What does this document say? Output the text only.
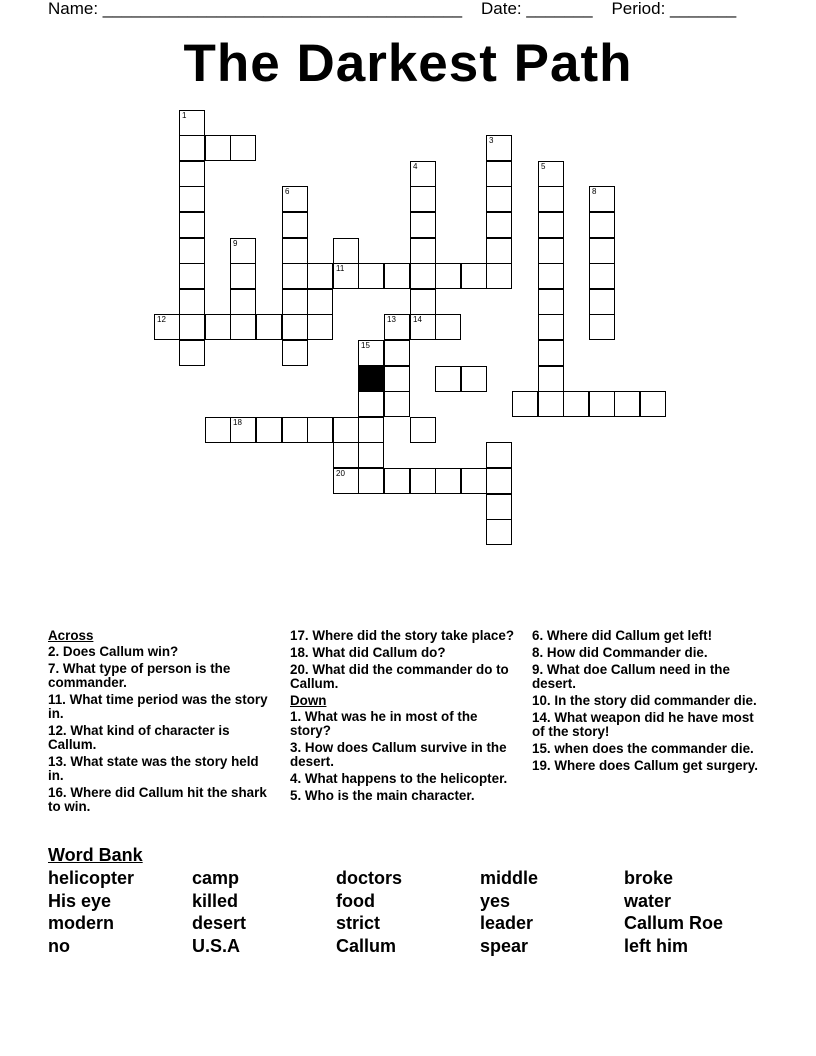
Name: ______________________________________ Date: _______ Period: _______
The Darkest Path
1
12
3
4	5
8
6
9
11
13 14
15
18
20
Across
2. Does Callum win?
7. What type of person is the commander.
11. What time period was the story in.
12. What kind of character is Callum.
13. What state was the story held in.
16. Where did Callum hit the shark to win.
17. Where did the story take place?
18. What did Callum do?
20. What did the commander do to Callum.
Down
1. What was he in most of the story?
3. How does Callum survive in the desert.
4. What happens to the helicopter.
5. Who is the main character.
6. Where did Callum get left!
8. How did Commander die.
9. What doe Callum need in the desert.
10. In the story did commander die.
14. What weapon did he have most of the story!
15. when does the commander die.
19. Where does Callum get surgery.
Word Bank
helicopter	camp	doctors	middle	broke
His eye	killed	food	yes	water
modern	desert	strict	leader	Callum Roe
no	U.S.A	Callum	spear	left him
